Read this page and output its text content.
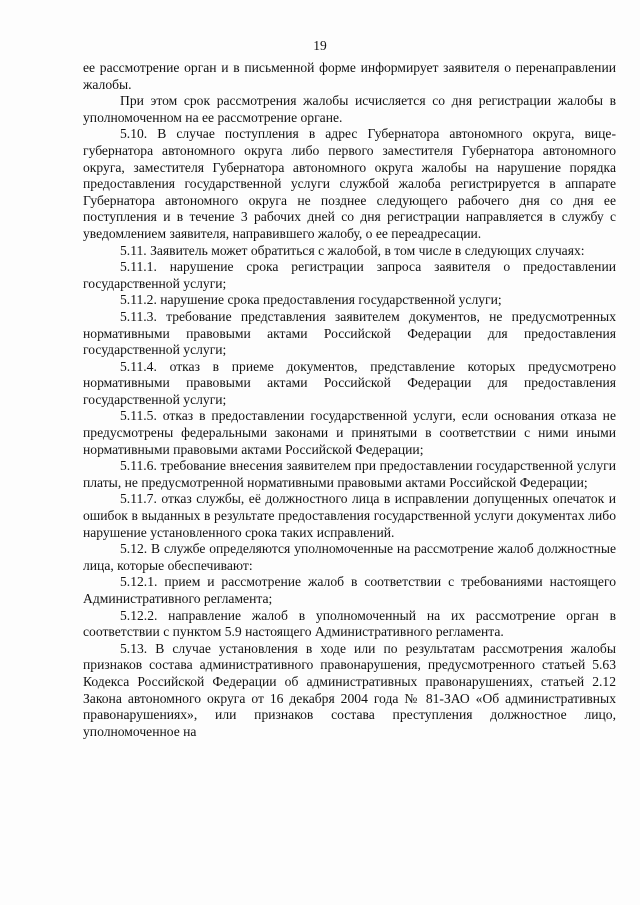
19

ее рассмотрение орган и в письменной форме информирует заявителя о перенаправлении жалобы.

При этом срок рассмотрения жалобы исчисляется со дня регистрации жалобы в уполномоченном на ее рассмотрение органе.

5.10. В случае поступления в адрес Губернатора автономного округа, вице-губернатора автономного округа либо первого заместителя Губернатора автономного округа, заместителя Губернатора автономного округа жалобы на нарушение порядка предоставления государственной услуги службой жалоба регистрируется в аппарате Губернатора автономного округа не позднее следующего рабочего дня со дня ее поступления и в течение 3 рабочих дней со дня регистрации направляется в службу с уведомлением заявителя, направившего жалобу, о ее переадресации.

5.11. Заявитель может обратиться с жалобой, в том числе в следующих случаях:

5.11.1. нарушение срока регистрации запроса заявителя о предоставлении государственной услуги;

5.11.2. нарушение срока предоставления государственной услуги;

5.11.3. требование представления заявителем документов, не предусмотренных нормативными правовыми актами Российской Федерации для предоставления государственной услуги;

5.11.4. отказ в приеме документов, представление которых предусмотрено нормативными правовыми актами Российской Федерации для предоставления государственной услуги;

5.11.5. отказ в предоставлении государственной услуги, если основания отказа не предусмотрены федеральными законами и принятыми в соответствии с ними иными нормативными правовыми актами Российской Федерации;

5.11.6. требование внесения заявителем при предоставлении государственной услуги платы, не предусмотренной нормативными правовыми актами Российской Федерации;

5.11.7. отказ службы, её должностного лица в исправлении допущенных опечаток и ошибок в выданных в результате предоставления государственной услуги документах либо нарушение установленного срока таких исправлений.

5.12. В службе определяются уполномоченные на рассмотрение жалоб должностные лица, которые обеспечивают:

5.12.1. прием и рассмотрение жалоб в соответствии с требованиями настоящего Административного регламента;

5.12.2. направление жалоб в уполномоченный на их рассмотрение орган в соответствии с пунктом 5.9 настоящего Административного регламента.

5.13. В случае установления в ходе или по результатам рассмотрения жалобы признаков состава административного правонарушения, предусмотренного статьей 5.63 Кодекса Российской Федерации об административных правонарушениях, статьей 2.12 Закона автономного округа от 16 декабря 2004 года № 81-ЗАО «Об административных правонарушениях», или признаков состава преступления должностное лицо, уполномоченное на
